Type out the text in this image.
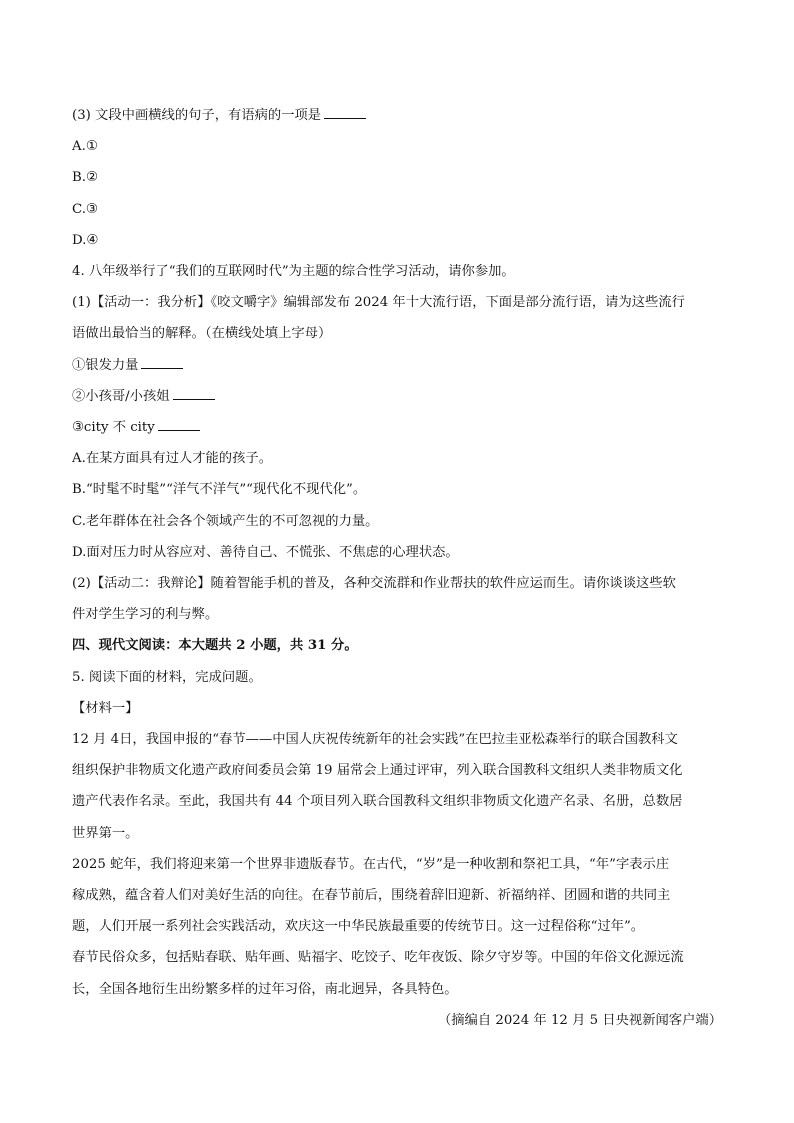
(3) 文段中画横线的句子，有语病的一项是

A.①

B.②

C.③

D.④

4. 八年级举行了“我们的互联网时代”为主题的综合性学习活动，请你参加。

(1)【活动一：我分析】《咬文嚼字》编辑部发布 2024 年十大流行语，下面是部分流行语，请为这些流行

语做出最恰当的解释。（在横线处填上字母）

①银发力量

②小孩哥/小孩姐

③city 不 city

A.在某方面具有过人才能的孩子。

B.“时髦不时髦”“洋气不洋气”“现代化不现代化”。

C.老年群体在社会各个领域产生的不可忽视的力量。

D.面对压力时从容应对、善待自己、不慌张、不焦虑的心理状态。

(2)【活动二：我辩论】随着智能手机的普及，各种交流群和作业帮扶的软件应运而生。请你谈谈这些软

件对学生学习的利与弊。

四、现代文阅读：本大题共 2 小题，共 31 分。

5. 阅读下面的材料，完成问题。

【材料一】

12 月 4日，我国申报的“春节——中国人庆祝传统新年的社会实践”在巴拉圭亚松森举行的联合国教科文

组织保护非物质文化遗产政府间委员会第 19 届常会上通过评审，列入联合国教科文组织人类非物质文化

遗产代表作名录。至此，我国共有 44 个项目列入联合国教科文组织非物质文化遗产名录、名册，总数居

世界第一。

2025 蛇年，我们将迎来第一个世界非遗版春节。在古代，“岁”是一种收割和祭祀工具，“年”字表示庄

稼成熟，蕴含着人们对美好生活的向往。在春节前后，围绕着辞旧迎新、祈福纳祥、团圆和谐的共同主

题，人们开展一系列社会实践活动，欢庆这一中华民族最重要的传统节日。这一过程俗称“过年”。

春节民俗众多，包括贴春联、贴年画、贴福字、吃饺子、吃年夜饭、除夕守岁等。中国的年俗文化源远流

长，全国各地衍生出纷繁多样的过年习俗，南北迥异，各具特色。

（摘编自 2024 年 12 月 5 日央视新闻客户端）
